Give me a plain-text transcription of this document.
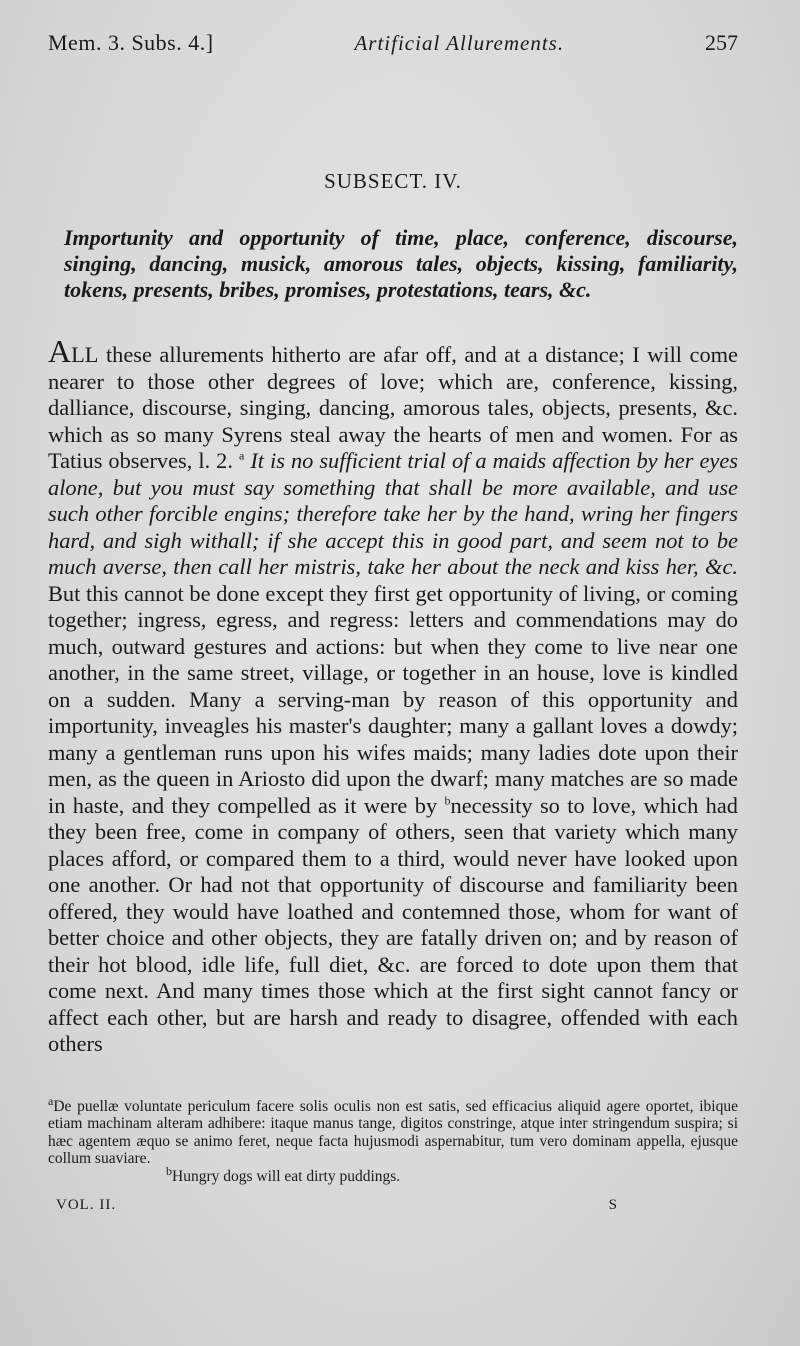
Mem. 3. Subs. 4.]	Artificial Allurements.	257
SUBSECT. IV.
Importunity and opportunity of time, place, conference, discourse, singing, dancing, musick, amorous tales, objects, kissing, familiarity, tokens, presents, bribes, promises, protestations, tears, &c.
ALL these allurements hitherto are afar off, and at a distance; I will come nearer to those other degrees of love; which are, conference, kissing, dalliance, discourse, singing, dancing, amorous tales, objects, presents, &c. which as so many Syrens steal away the hearts of men and women. For as Tatius observes, l. 2. $^a$ It is no sufficient trial of a maids affection by her eyes alone, but you must say something that shall be more available, and use such other forcible engins; therefore take her by the hand, wring her fingers hard, and sigh withall; if she accept this in good part, and seem not to be much averse, then call her mistris, take her about the neck and kiss her, &c. But this cannot be done except they first get opportunity of living, or coming together; ingress, egress, and regress: letters and commendations may do much, outward gestures and actions: but when they come to live near one another, in the same street, village, or together in an house, love is kindled on a sudden. Many a serving-man by reason of this opportunity and importunity, inveagles his master's daughter; many a gallant loves a dowdy; many a gentleman runs upon his wifes maids; many ladies dote upon their men, as the queen in Ariosto did upon the dwarf; many matches are so made in haste, and they compelled as it were by $^b$necessity so to love, which had they been free, come in company of others, seen that variety which many places afford, or compared them to a third, would never have looked upon one another. Or had not that opportunity of discourse and familiarity been offered, they would have loathed and contemned those, whom for want of better choice and other objects, they are fatally driven on; and by reason of their hot blood, idle life, full diet, &c. are forced to dote upon them that come next. And many times those which at the first sight cannot fancy or affect each other, but are harsh and ready to disagree, offended with each others

$^a$De puellæ voluntate periculum facere solis oculis non est satis, sed efficacius aliquid agere oportet, ibique etiam machinam alteram adhibere: itaque manus tange, digitos constringe, atque inter stringendum suspira; si hæc agentem æquo se animo feret, neque facta hujusmodi aspernabitur, tum vero dominam appella, ejusque collum suaviare.

$^b$Hungry dogs will eat dirty puddings.

VOL. II.	S
